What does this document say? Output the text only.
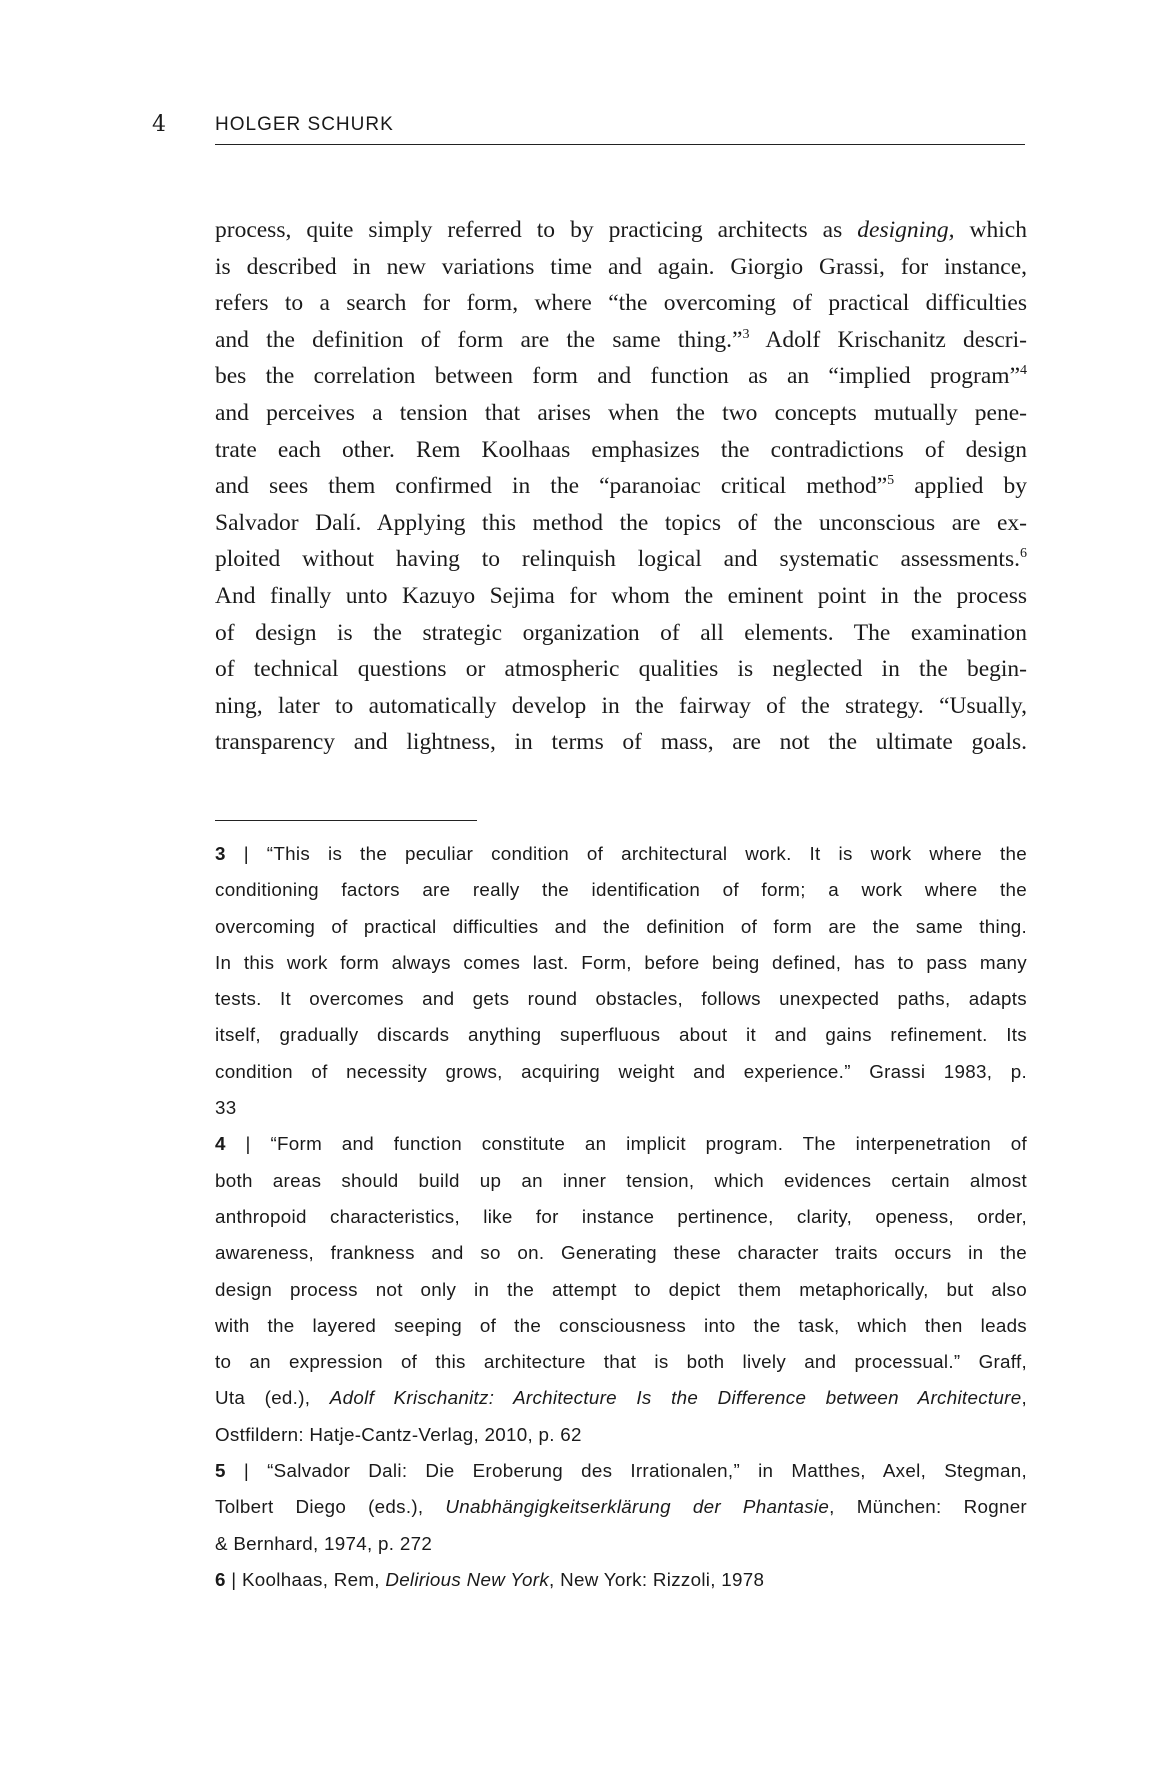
4	HOLGER SCHURK
process, quite simply referred to by practicing architects as designing, which
is described in new variations time and again. Giorgio Grassi, for instance,
refers to a search for form, where “the overcoming of practical difficulties
and the definition of form are the same thing.”$^3$ Adolf Krischanitz descri-
bes the correlation between form and function as an “implied program”$^4$
and perceives a tension that arises when the two concepts mutually pene-
trate each other. Rem Koolhaas emphasizes the contradictions of design
and sees them confirmed in the “paranoiac critical method”$^5$ applied by
Salvador Dalí. Applying this method the topics of the unconscious are ex-
ploited without having to relinquish logical and systematic assessments.$^6$
And finally unto Kazuyo Sejima for whom the eminent point in the process
of design is the strategic organization of all elements. The examination
of technical questions or atmospheric qualities is neglected in the begin-
ning, later to automatically develop in the fairway of the strategy. “Usually,
transparency and lightness, in terms of mass, are not the ultimate goals.
3 | “This is the peculiar condition of architectural work. It is work where the
conditioning factors are really the identification of form; a work where the
overcoming of practical difficulties and the definition of form are the same thing.
In this work form always comes last. Form, before being defined, has to pass many
tests. It overcomes and gets round obstacles, follows unexpected paths, adapts
itself, gradually discards anything superfluous about it and gains refinement. Its
condition of necessity grows, acquiring weight and experience.” Grassi 1983, p.
33
4 | “Form and function constitute an implicit program. The interpenetration of
both areas should build up an inner tension, which evidences certain almost
anthropoid characteristics, like for instance pertinence, clarity, openess, order,
awareness, frankness and so on. Generating these character traits occurs in the
design process not only in the attempt to depict them metaphorically, but also
with the layered seeping of the consciousness into the task, which then leads
to an expression of this architecture that is both lively and processual.” Graff,
Uta (ed.), Adolf Krischanitz: Architecture Is the Difference between Architecture,
Ostfildern: Hatje-Cantz-Verlag, 2010, p. 62
5 | “Salvador Dali: Die Eroberung des Irrationalen,” in Matthes, Axel, Stegman,
Tolbert Diego (eds.), Unabhängigkeitserklärung der Phantasie, München: Rogner
& Bernhard, 1974, p. 272
6 | Koolhaas, Rem, Delirious New York, New York: Rizzoli, 1978
